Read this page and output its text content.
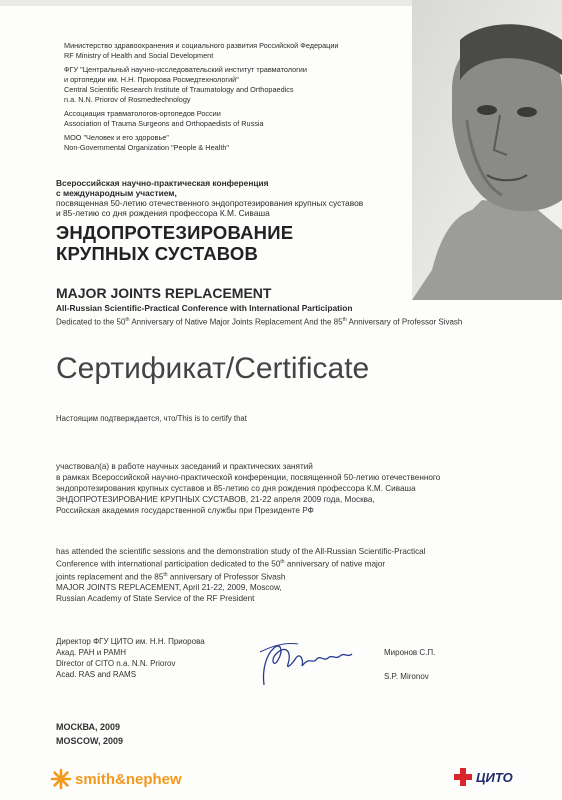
Министерство здравоохранения и социального развития Российской Федерации
RF Ministry of Health and Social Development
ФГУ "Центральный научно-исследовательский институт травматологии
и ортопедии им. Н.Н. Приорова Росмедтехнологий"
Central Scientific Research Institute of Traumatology and Orthopaedics
n.a. N.N. Priorov of Rosmedtechnology
Ассоциация травматологов-ортопедов России
Association of Trauma Surgeons and Orthopaedists of Russia
МОО "Человек и его здоровье"
Non-Governmental Organization "People & Health"
Всероссийская научно-практическая конференция
с международным участием,
посвященная 50-летию отечественного эндопротезирования крупных суставов
и 85-летию со дня рождения профессора К.М. Сиваша
ЭНДОПРОТЕЗИРОВАНИЕ
КРУПНЫХ СУСТАВОВ
MAJOR JOINTS REPLACEMENT
All-Russian Scientific-Practical Conference with International Participation
Dedicated to the 50th Anniversary of Native Major Joints Replacement And the 85th Anniversary of Professor Sivash
Сертификат/Certificate
Настоящим подтверждается, что/This is to certify that
участвовал(а) в работе научных заседаний и практических занятий
в рамках Всероссийской научно-практической конференции, посвященной 50-летию отечественного
эндопротезирования крупных суставов и 85-летию со дня рождения профессора К.М. Сиваша
ЭНДОПРОТЕЗИРОВАНИЕ КРУПНЫХ СУСТАВОВ, 21-22 апреля 2009 года, Москва,
Российская академия государственной службы при Президенте РФ
has attended the scientific sessions and the demonstration study of the All-Russian Scientific-Practical
Conference with international participation dedicated to the 50th anniversary of native major
joints replacement and the 85th anniversary of Professor Sivash
MAJOR JOINTS REPLACEMENT, April 21-22, 2009, Moscow,
Russian Academy of State Service of the RF President
Директор ФГУ ЦИТО им. Н.Н. Приорова
Акад. РАН и РАМН
Director of CITO n.a. N.N. Priorov
Acad. RAS and RAMS
Миронов С.П.
S.P. Mironov
МОСКВА, 2009
MOSCOW, 2009
smith&nephew	ЦИТО
